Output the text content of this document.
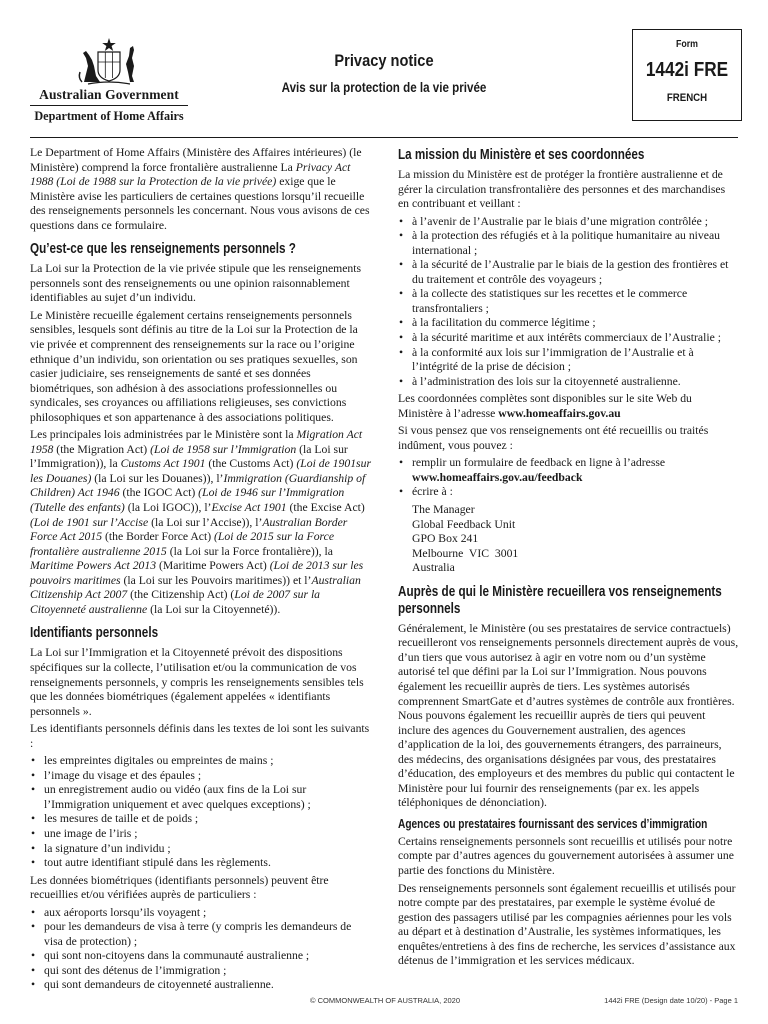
Australian Government
Department of Home Affairs
Privacy notice
Avis sur la protection de la vie privée
Form
1442i FRE
FRENCH

Le Department of Home Affairs (Ministère des Affaires intérieures) (le Ministère) comprend la force frontalière australienne La Privacy Act 1988 (Loi de 1988 sur la Protection de la vie privée) exige que le Ministère avise les particuliers de certaines questions lorsqu’il recueille des renseignements personnels les concernant. Nous vous avisons de ces questions dans ce formulaire.

Qu’est-ce que les renseignements personnels ?

La Loi sur la Protection de la vie privée stipule que les renseignements personnels sont des renseignements ou une opinion raisonnablement identifiables au sujet d’un individu.

Le Ministère recueille également certains renseignements personnels sensibles, lesquels sont définis au titre de la Loi sur la Protection de la vie privée et comprennent des renseignements sur la race ou l’origine ethnique d’un individu, son orientation ou ses pratiques sexuelles, son casier judiciaire, ses renseignements de santé et ses données biométriques, son adhésion à des associations professionnelles ou syndicales, ses croyances ou affiliations religieuses, ses convictions philosophiques et son appartenance à des associations politiques.

Les principales lois administrées par le Ministère sont la Migration Act 1958 (the Migration Act) (Loi de 1958 sur l’Immigration (la Loi sur l’Immigration)), la Customs Act 1901 (the Customs Act) (Loi de 1901sur les Douanes) (la Loi sur les Douanes)), l’Immigration (Guardianship of Children) Act 1946 (the IGOC Act) (Loi de 1946 sur l’Immigration (Tutelle des enfants) (la Loi IGOC)), l’Excise Act 1901 (the Excise Act) (Loi de 1901 sur l’Accise (la Loi sur l’Accise)), l’Australian Border Force Act 2015 (the Border Force Act) (Loi de 2015 sur la Force frontalière australienne 2015 (la Loi sur la Force frontalière)), la Maritime Powers Act 2013 (Maritime Powers Act) (Loi de 2013 sur les pouvoirs maritimes (la Loi sur les Pouvoirs maritimes)) et l’Australian Citizenship Act 2007 (the Citizenship Act) (Loi de 2007 sur la Citoyenneté australienne (la Loi sur la Citoyenneté)).

Identifiants personnels

La Loi sur l’Immigration et la Citoyenneté prévoit des dispositions spécifiques sur la collecte, l’utilisation et/ou la communication de vos renseignements personnels, y compris les renseignements sensibles tels que les données biométriques (également appelées « identifiants personnels ».

Les identifiants personnels définis dans les textes de loi sont les suivants :

• les empreintes digitales ou empreintes de mains ;
• l’image du visage et des épaules ;
• un enregistrement audio ou vidéo (aux fins de la Loi sur l’Immigration uniquement et avec quelques exceptions) ;
• les mesures de taille et de poids ;
• une image de l’iris ;
• la signature d’un individu ;
• tout autre identifiant stipulé dans les règlements.

Les données biométriques (identifiants personnels) peuvent être recueillies et/ou vérifiées auprès de particuliers :

• aux aéroports lorsqu’ils voyagent ;
• pour les demandeurs de visa à terre (y compris les demandeurs de visa de protection) ;
• qui sont non-citoyens dans la communauté australienne ;
• qui sont des détenus de l’immigration ;
• qui sont demandeurs de citoyenneté australienne.
La mission du Ministère et ses coordonnées

La mission du Ministère est de protéger la frontière australienne et de gérer la circulation transfrontalière des personnes et des marchandises en contribuant et veillant :

• à l’avenir de l’Australie par le biais d’une migration contrôlée ;
• à la protection des réfugiés et à la politique humanitaire au niveau international ;
• à la sécurité de l’Australie par le biais de la gestion des frontières et du traitement et contrôle des voyageurs ;
• à la collecte des statistiques sur les recettes et le commerce transfrontaliers ;
• à la facilitation du commerce légitime ;
• à la sécurité maritime et aux intérêts commerciaux de l’Australie ;
• à la conformité aux lois sur l’immigration de l’Australie et à l’intégrité de la prise de décision ;
• à l’administration des lois sur la citoyenneté australienne.

Les coordonnées complètes sont disponibles sur le site Web du Ministère à l’adresse www.homeaffairs.gov.au

Si vous pensez que vos renseignements ont été recueillis ou traités indûment, vous pouvez :

• remplir un formulaire de feedback en ligne à l’adresse
www.homeaffairs.gov.au/feedback
• écrire à :
The Manager
Global Feedback Unit
GPO Box 241
Melbourne  VIC  3001
Australia
Auprès de qui le Ministère recueillera vos renseignements personnels

Généralement, le Ministère (ou ses prestataires de service contractuels) recueilleront vos renseignements personnels directement auprès de vous, d’un tiers que vous autorisez à agir en votre nom ou d’un système autorisé tel que défini par la Loi sur l’Immigration. Nous pouvons également les recueillir auprès de tiers. Les systèmes autorisés comprennent SmartGate et d’autres systèmes de contrôle aux frontières. Nous pouvons également les recueillir auprès de tiers qui peuvent inclure des agences du Gouvernement australien, des agences d’application de la loi, des gouvernements étrangers, des parraineurs, des médecins, des organisations désignées par vous, des prestataires d’éducation, des employeurs et des membres du public qui contactent le Ministère pour lui fournir des renseignements (par ex. les appels téléphoniques de dénonciation).

Agences ou prestataires fournissant des services d’immigration

Certains renseignements personnels sont recueillis et utilisés pour notre compte par d’autres agences du gouvernement autorisées à assumer une partie des fonctions du Ministère.

Des renseignements personnels sont également recueillis et utilisés pour notre compte par des prestataires, par exemple le système évolué de gestion des passagers utilisé par les compagnies aériennes pour les vols au départ et à destination d’Australie, les systèmes informatiques, les enquêtes/entretiens à des fins de recherche, les services d’assistance aux détenus de l’immigration et les services médicaux.

© COMMONWEALTH OF AUSTRALIA, 2020	1442i FRE (Design date 10/20) - Page 1
